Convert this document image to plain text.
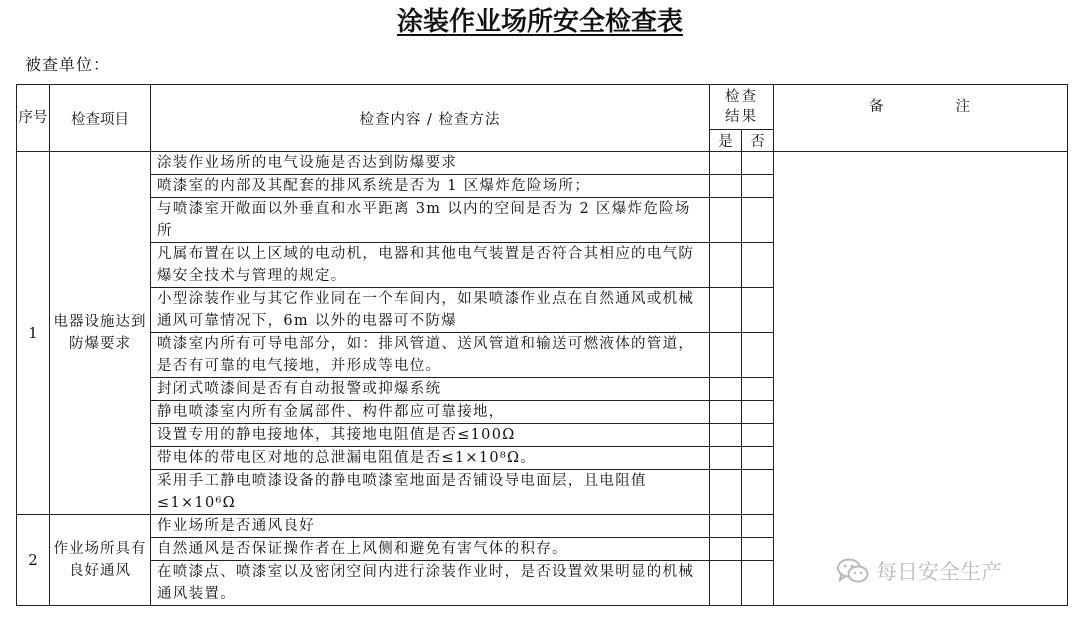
涂装作业场所安全检查表
被查单位：
序号	检查项目	检查内容 / 检查方法	检查结果		备 注
			是	否	
1	电器设施达到防爆要求	涂装作业场所的电气设施是否达到防爆要求			
		喷漆室的内部及其配套的排风系统是否为 1 区爆炸危险场所；			
		与喷漆室开敞面以外垂直和水平距离 3m 以内的空间是否为 2 区爆炸危险场所			
		凡属布置在以上区域的电动机，电器和其他电气装置是否符合其相应的电气防爆安全技术与管理的规定。			
		小型涂装作业与其它作业同在一个车间内，如果喷漆作业点在自然通风或机械通风可靠情况下，6m 以外的电器可不防爆			
		喷漆室内所有可导电部分，如：排风管道、送风管道和输送可燃液体的管道，是否有可靠的电气接地，并形成等电位。			
		封闭式喷漆间是否有自动报警或抑爆系统			
		静电喷漆室内所有金属部件、构件都应可靠接地，			
		设置专用的静电接地体，其接地电阻值是否≤100Ω			
		带电体的带电区对地的总泄漏电阻值是否≤1×10⁸Ω。			
		采用手工静电喷漆设备的静电喷漆室地面是否铺设导电面层，且电阻值≤1×10⁶Ω			
2	作业场所具有良好通风	作业场所是否通风良好			
		自然通风是否保证操作者在上风侧和避免有害气体的积存。			
		在喷漆点、喷漆室以及密闭空间内进行涂装作业时，是否设置效果明显的机械通风装置。			
每日安全生产
